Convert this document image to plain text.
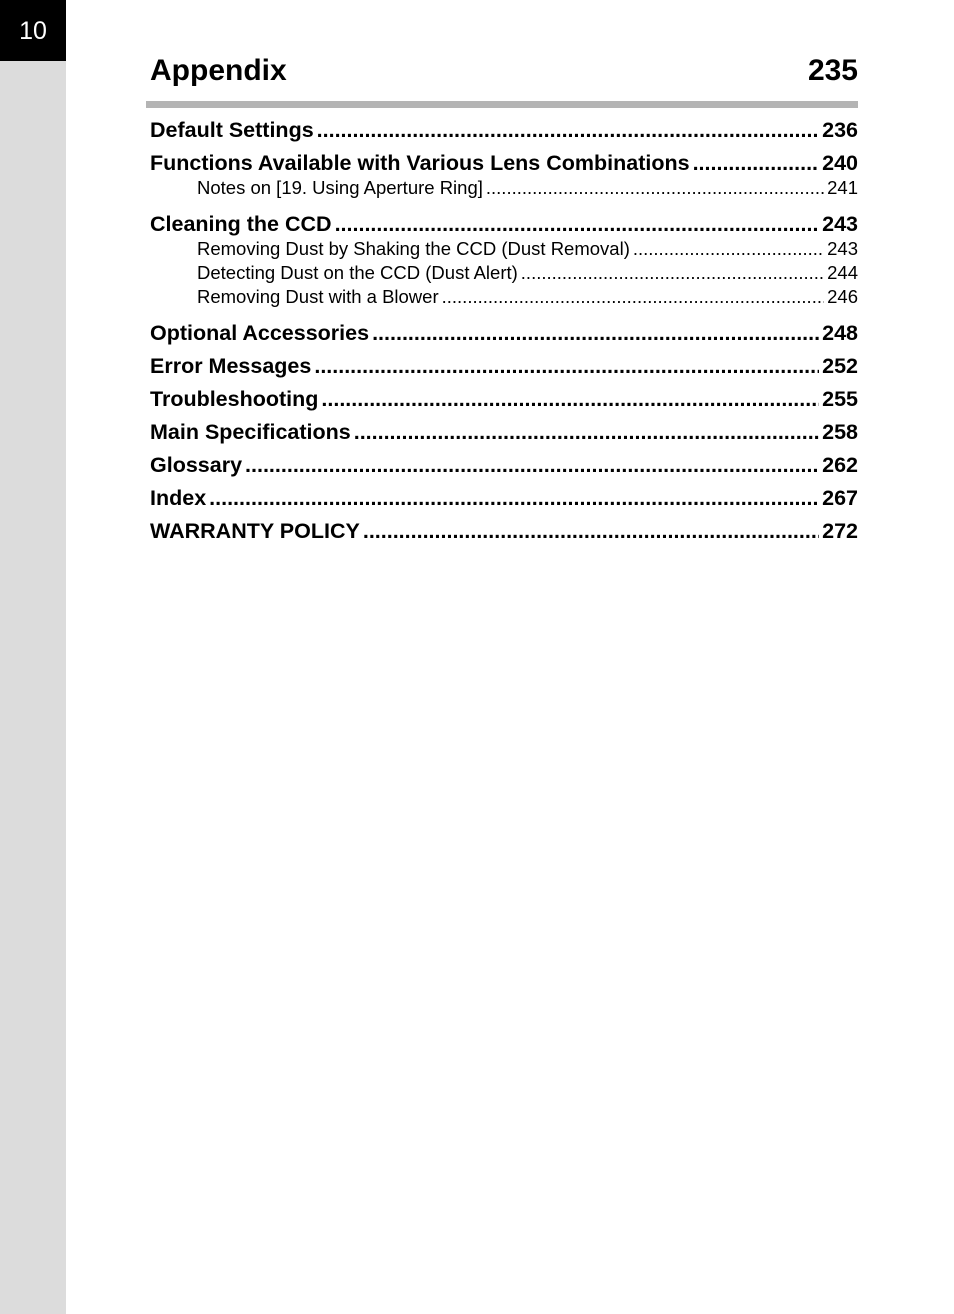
10
Appendix	235
Default Settings .....	236
Functions Available with Various Lens Combinations .....	240
Notes on [19. Using Aperture Ring] .....	241
Cleaning the CCD .....	243
Removing Dust by Shaking the CCD (Dust Removal) .....	243
Detecting Dust on the CCD (Dust Alert) .....	244
Removing Dust with a Blower .....	246
Optional Accessories .....	248
Error Messages .....	252
Troubleshooting .....	255
Main Specifications .....	258
Glossary .....	262
Index .....	267
WARRANTY POLICY .....	272
